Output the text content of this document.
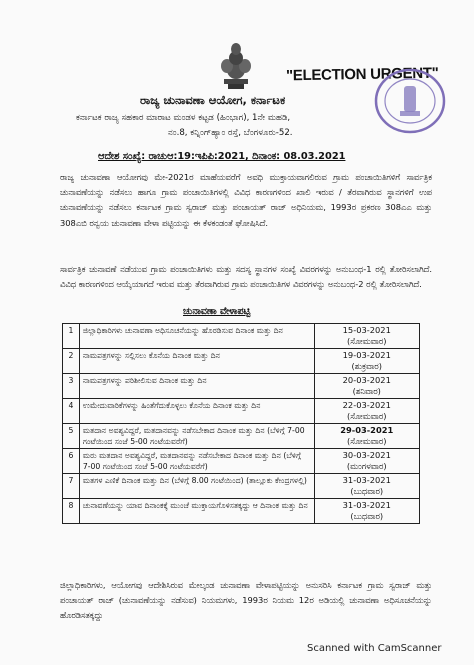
"ELECTION URGENT"
ರಾಜ್ಯ ಚುನಾವಣಾ ಆಯೋಗ, ಕರ್ನಾಟಕ
ಕರ್ನಾಟಕ ರಾಜ್ಯ ಸಹಕಾರ ಮಾರಾಟ ಮಂಡಳ ಕಟ್ಟಡ (ಹಿಂಭಾಗ), 1ನೇ ಮಹಡಿ,
ನಂ.8, ಕನ್ನಿಂಗ್‌ಹ್ಯಾಂ ರಸ್ತೆ, ಬೆಂಗಳೂರು-52.
ಆದೇಶ ಸಂಖ್ಯೆ: ರಾಚುಆ:19:ಇಪಿಪಿ:2021, ದಿನಾಂಕ: 08.03.2021
ರಾಜ್ಯ ಚುನಾವಣಾ ಆಯೋಗವು ಮೇ-2021ರ ಮಾಹೆಯವರೆಗೆ ಅವಧಿ ಮುಕ್ತಾಯವಾಗಲಿರುವ ಗ್ರಾಮ ಪಂಚಾಯಿತಿಗಳಿಗೆ ಸಾರ್ವತ್ರಿಕ ಚುನಾವಣೆಯನ್ನು ನಡೆಸಲು ಹಾಗೂ ಗ್ರಾಮ ಪಂಚಾಯಿತಿಗಳಲ್ಲಿ ವಿವಿಧ ಕಾರಣಗಳಿಂದ ಖಾಲಿ ಇರುವ / ತೆರವಾಗಿರುವ ಸ್ಥಾನಗಳಿಗೆ ಉಪ ಚುನಾವಣೆಯನ್ನು ನಡೆಸಲು ಕರ್ನಾಟಕ ಗ್ರಾಮ ಸ್ವರಾಜ್ ಮತ್ತು ಪಂಚಾಯತ್ ರಾಜ್ ಅಧಿನಿಯಮ, 1993ರ ಪ್ರಕರಣ 308ಎಎ ಮತ್ತು 308ಎಬಿ ರನ್ವಯ ಚುನಾವಣಾ ವೇಳಾ ಪಟ್ಟಿಯನ್ನು ಈ ಕೆಳಕಂಡಂತೆ ಘೋಷಿಸಿದೆ.
ಸಾರ್ವತ್ರಿಕ ಚುನಾವಣೆ ನಡೆಯುವ ಗ್ರಾಮ ಪಂಚಾಯಿತಿಗಳು ಮತ್ತು ಸದಸ್ಯ ಸ್ಥಾನಗಳ ಸಂಖ್ಯೆ ವಿವರಗಳನ್ನು ಅನುಬಂಧ-1 ರಲ್ಲಿ ತೋರಿಸಲಾಗಿದೆ. ವಿವಿಧ ಕಾರಣಗಳಿಂದ ಆಯ್ಕೆಯಾಗದೆ ಇರುವ ಮತ್ತು ತೆರವಾಗಿರುವ ಗ್ರಾಮ ಪಂಚಾಯಿತಿಗಳ ವಿವರಗಳನ್ನು ಅನುಬಂಧ-2 ರಲ್ಲಿ ತೋರಿಸಲಾಗಿದೆ.
ಚುನಾವಣಾ ವೇಳಾಪಟ್ಟಿ
1	ಜಿಲ್ಲಾಧಿಕಾರಿಗಳು ಚುನಾವಣಾ ಅಧಿಸೂಚನೆಯನ್ನು ಹೊರಡಿಸುವ ದಿನಾಂಕ ಮತ್ತು ದಿನ	15-03-2021
(ಸೋಮವಾರ)

2	ನಾಮಪತ್ರಗಳನ್ನು ಸಲ್ಲಿಸಲು ಕೊನೆಯ ದಿನಾಂಕ ಮತ್ತು ದಿನ	19-03-2021
(ಶುಕ್ರವಾರ)

3	ನಾಮಪತ್ರಗಳನ್ನು ಪರಿಶೀಲಿಸುವ ದಿನಾಂಕ ಮತ್ತು ದಿನ	20-03-2021
(ಶನಿವಾರ)

4	ಉಮೇದುವಾರಿಕೆಗಳನ್ನು ಹಿಂತೆಗೆದುಕೊಳ್ಳಲು ಕೊನೆಯ ದಿನಾಂಕ ಮತ್ತು ದಿನ	22-03-2021
(ಸೋಮವಾರ)

5	ಮತದಾನ ಅವಶ್ಯವಿದ್ದರೆ, ಮತದಾನವನ್ನು ನಡೆಸಬೇಕಾದ ದಿನಾಂಕ ಮತ್ತು ದಿನ (ಬೆಳಿಗ್ಗೆ 7-00 ಗಂಟೆಯಿಂದ ಸಂಜೆ 5-00 ಗಂಟೆಯವರೆಗೆ)	29-03-2021
(ಸೋಮವಾರ)

6	ಮರು ಮತದಾನ ಅವಶ್ಯವಿದ್ದರೆ, ಮತದಾನವನ್ನು ನಡೆಸಬೇಕಾದ ದಿನಾಂಕ ಮತ್ತು ದಿನ (ಬೆಳಿಗ್ಗೆ 7-00 ಗಂಟೆಯಿಂದ ಸಂಜೆ 5-00 ಗಂಟೆಯವರೆಗೆ)	30-03-2021
(ಮಂಗಳವಾರ)

7	ಮತಗಳ ಎಣಿಕೆ ದಿನಾಂಕ ಮತ್ತು ದಿನ (ಬೆಳಿಗ್ಗೆ 8.00 ಗಂಟೆಯಿಂದ) (ತಾಲ್ಲೂಕು ಕೇಂದ್ರಗಳಲ್ಲಿ)	31-03-2021
(ಬುಧವಾರ)

8	ಚುನಾವಣೆಯನ್ನು ಯಾವ ದಿನಾಂಕಕ್ಕೆ ಮುಂಚೆ ಮುಕ್ತಾಯಗೊಳಿಸತಕ್ಕದ್ದು ಆ ದಿನಾಂಕ ಮತ್ತು ದಿನ	31-03-2021
(ಬುಧವಾರ)
ಜಿಲ್ಲಾಧಿಕಾರಿಗಳು, ಆಯೋಗವು ಆದೇಶಿಸಿರುವ ಮೇಲ್ಕಂಡ ಚುನಾವಣಾ ವೇಳಾಪಟ್ಟಿಯನ್ನು ಅನುಸರಿಸಿ ಕರ್ನಾಟಕ ಗ್ರಾಮ ಸ್ವರಾಜ್ ಮತ್ತು ಪಂಚಾಯತ್ ರಾಜ್ (ಚುನಾವಣೆಯನ್ನು ನಡೆಸುವ) ನಿಯಮಗಳು, 1993ರ ನಿಯಮ 12ರ ಅಡಿಯಲ್ಲಿ ಚುನಾವಣಾ ಅಧಿಸೂಚನೆಯನ್ನು ಹೊರಡಿಸತಕ್ಕದ್ದು
Scanned with CamScanner
